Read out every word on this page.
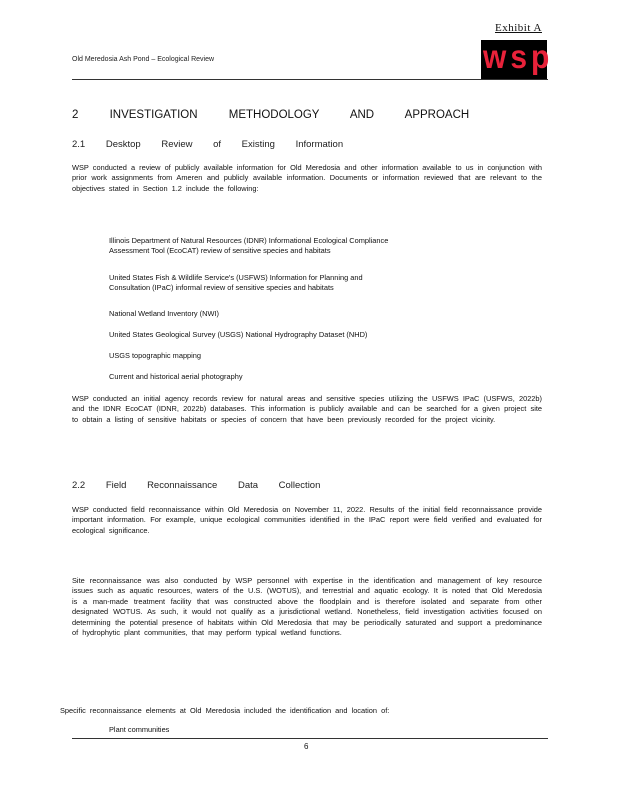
Exhibit A
Old Meredosia Ash Pond – Ecological Review	wsp
2 INVESTIGATION METHODOLOGY AND APPROACH
2.1 Desktop Review of Existing Information
WSP conducted a review of publicly available information for Old Meredosia and other information available to us in conjunction with prior work assignments from Ameren and publicly available information. Documents or information reviewed that are relevant to the objectives stated in Section 1.2 include the following:
Illinois Department of Natural Resources (IDNR) Informational Ecological Compliance
Assessment Tool (EcoCAT) review of sensitive species and habitats
United States Fish & Wildlife Service's (USFWS) Information for Planning and
Consultation (IPaC) informal review of sensitive species and habitats
National Wetland Inventory (NWI)
United States Geological Survey (USGS) National Hydrography Dataset (NHD)
USGS topographic mapping
Current and historical aerial photography
WSP conducted an initial agency records review for natural areas and sensitive species utilizing the USFWS IPaC (USFWS, 2022b) and the IDNR EcoCAT (IDNR, 2022b) databases. This information is publicly available and can be searched for a given project site to obtain a listing of sensitive habitats or species of concern that have been previously recorded for the project vicinity.
2.2 Field Reconnaissance Data Collection
WSP conducted field reconnaissance within Old Meredosia on November 11, 2022. Results of the initial field reconnaissance provide important information. For example, unique ecological communities identified in the IPaC report were field verified and evaluated for ecological significance.
Site reconnaissance was also conducted by WSP personnel with expertise in the identification and management of key resource issues such as aquatic resources, waters of the U.S. (WOTUS), and terrestrial and aquatic ecology. It is noted that Old Meredosia is a man-made treatment facility that was constructed above the floodplain and is therefore isolated and separate from other designated WOTUS. As such, it would not qualify as a jurisdictional wetland. Nonetheless, field investigation activities focused on determining the potential presence of habitats within Old Meredosia that may be periodically saturated and support a predominance of hydrophytic plant communities, that may perform typical wetland functions.
Specific reconnaissance elements at Old Meredosia included the identification and location of:
Plant communities
6
